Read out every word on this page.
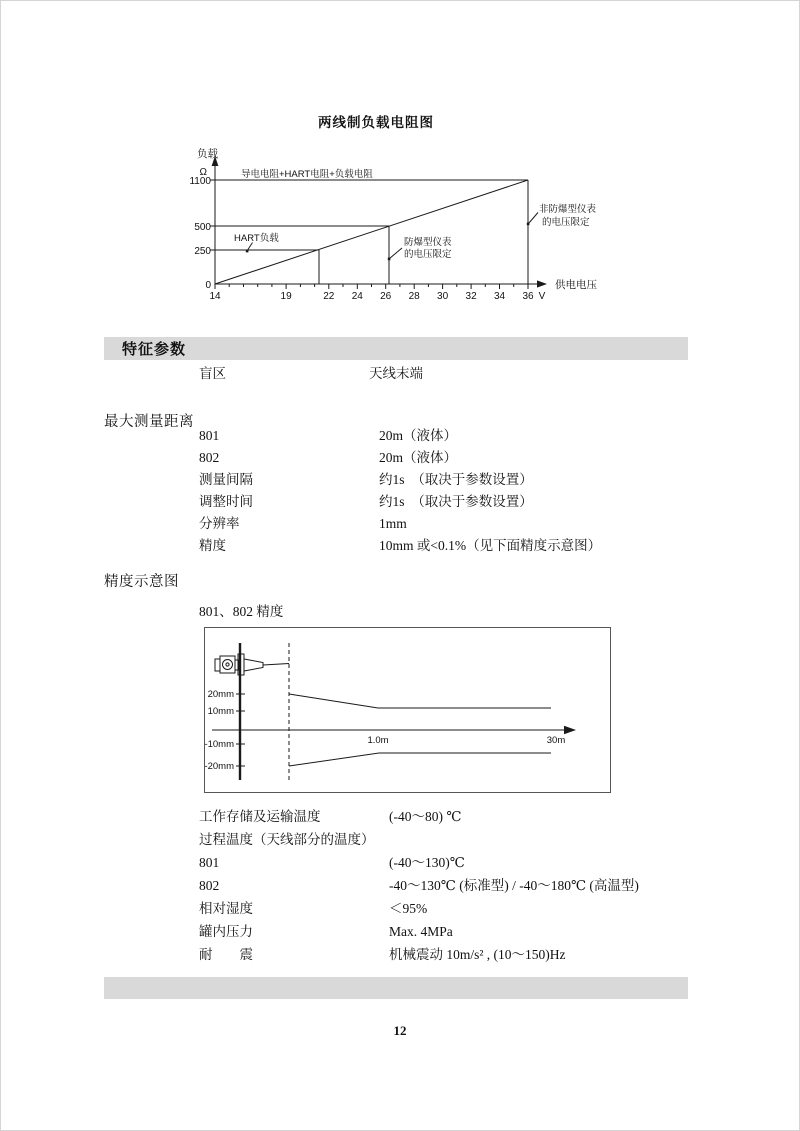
两线制负载电阻图
负载
Ω
1100
500
250
0
导电电阻+HART电阻+负载电阻
HART负载	防爆型仪表
的电压限定
非防爆型仪表
的电压限定
14	19	22 24 26 28 30 32 34 36 V
供电电压
特征参数
盲区	天线末端
最大测量距离
801	20m（液体）
802	20m（液体）
测量间隔	约1s　（取决于参数设置）
调整时间	约1s　（取决于参数设置）
分辨率	1mm
精度	10mm 或<0.1%（见下面精度示意图）
精度示意图
801、802 精度
20mm
10mm
-10mm
-20mm
1.0m	30m
工作存储及运输温度	(-40～80) ℃
过程温度（天线部分的温度）
801	(-40～130)℃
802	-40～130℃ (标准型) / -40～180℃ (高温型)
相对湿度	＜95%
罐内压力	Max. 4MPa
耐　　震	机械震动 10m/s² , (10～150)Hz
12
